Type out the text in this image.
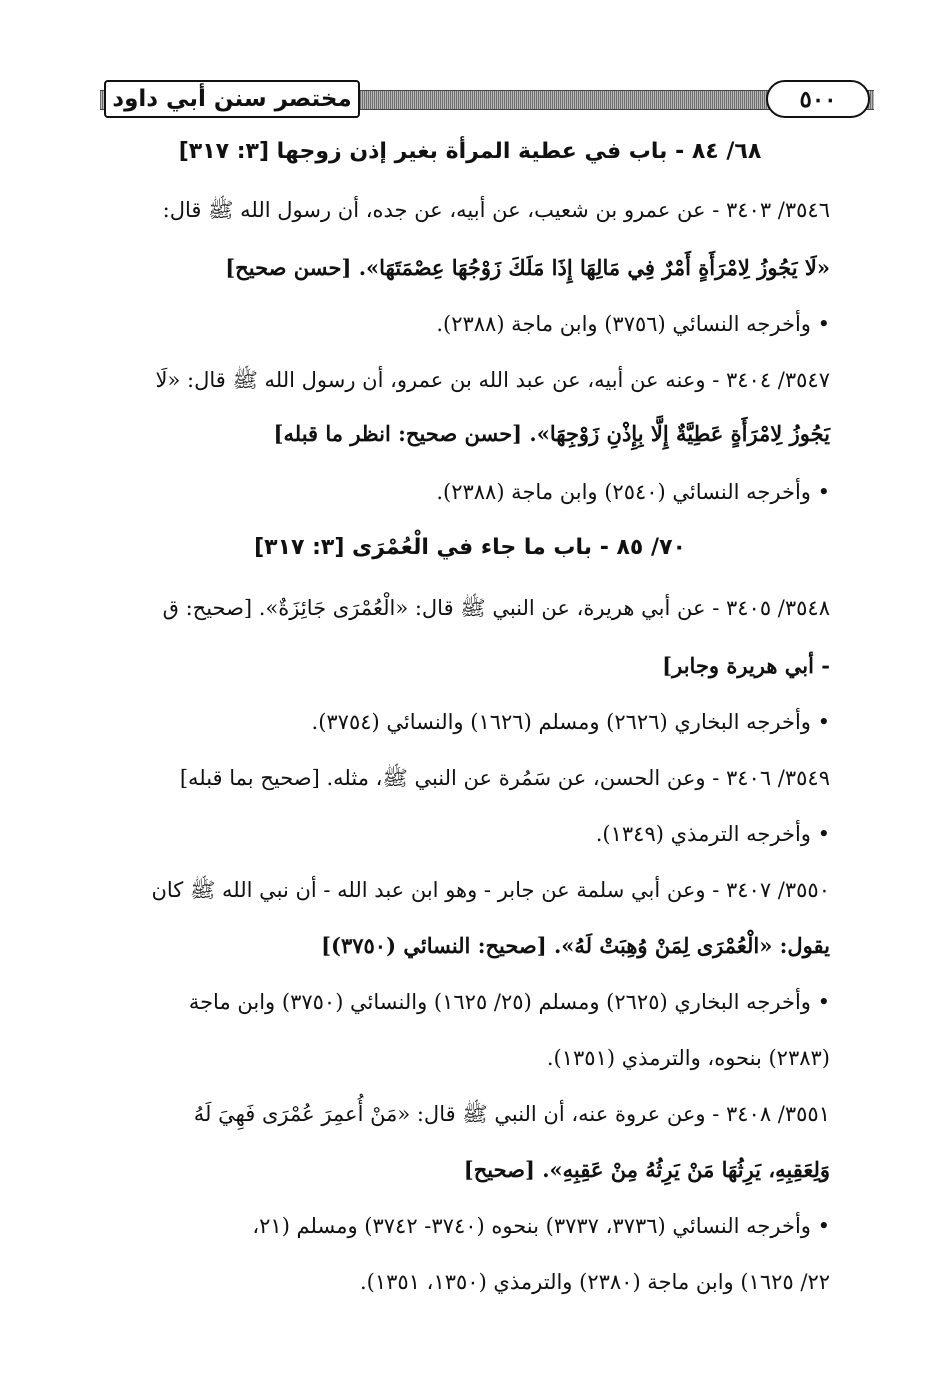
مختصر سنن أبي داود	٥٠٠
٦٨/ ٨٤ - باب في عطية المرأة بغير إذن زوجها [٣: ٣١٧]
٣٥٤٦/ ٣٤٠٣ - عن عمرو بن شعيب، عن أبيه، عن جده، أن رسول الله ﷺ قال:
«لَا يَجُوزُ لِامْرَأَةٍ أَمْرٌ فِي مَالِهَا إِذَا مَلَكَ زَوْجُهَا عِصْمَتَهَا». [حسن صحيح]
• وأخرجه النسائي (٣٧٥٦) وابن ماجة (٢٣٨٨).
٣٥٤٧/ ٣٤٠٤ - وعنه عن أبيه، عن عبد الله بن عمرو، أن رسول الله ﷺ قال: «لَا
يَجُوزُ لِامْرَأَةٍ عَطِيَّةٌ إِلَّا بِإِذْنِ زَوْجِهَا». [حسن صحيح: انظر ما قبله]
• وأخرجه النسائي (٢٥٤٠) وابن ماجة (٢٣٨٨).
٧٠/ ٨٥ - باب ما جاء في الْعُمْرَى [٣: ٣١٧]
٣٥٤٨/ ٣٤٠٥ - عن أبي هريرة، عن النبي ﷺ قال: «الْعُمْرَى جَائِزَةٌ». [صحيح: ق
- أبي هريرة وجابر]
• وأخرجه البخاري (٢٦٢٦) ومسلم (١٦٢٦) والنسائي (٣٧٥٤).
٣٥٤٩/ ٣٤٠٦ - وعن الحسن، عن سَمُرة عن النبي ﷺ، مثله. [صحيح بما قبله]
• وأخرجه الترمذي (١٣٤٩).
٣٥٥٠/ ٣٤٠٧ - وعن أبي سلمة عن جابر - وهو ابن عبد الله - أن نبي الله ﷺ كان
يقول: «الْعُمْرَى لِمَنْ وُهِبَتْ لَهُ». [صحيح: النسائي (٣٧٥٠)]
• وأخرجه البخاري (٢٦٢٥) ومسلم (٢٥/ ١٦٢٥) والنسائي (٣٧٥٠) وابن ماجة
(٢٣٨٣) بنحوه، والترمذي (١٣٥١).
٣٥٥١/ ٣٤٠٨ - وعن عروة عنه، أن النبي ﷺ قال: «مَنْ أُعمِرَ عُمْرَى فَهِيَ لَهُ
وَلِعَقِبِهِ، يَرِثُهَا مَنْ يَرِثُهُ مِنْ عَقِبِهِ». [صحيح]
• وأخرجه النسائي (٣٧٣٦، ٣٧٣٧) بنحوه (٣٧٤٠- ٣٧٤٢) ومسلم (٢١،
٢٢/ ١٦٢٥) وابن ماجة (٢٣٨٠) والترمذي (١٣٥٠، ١٣٥١).
